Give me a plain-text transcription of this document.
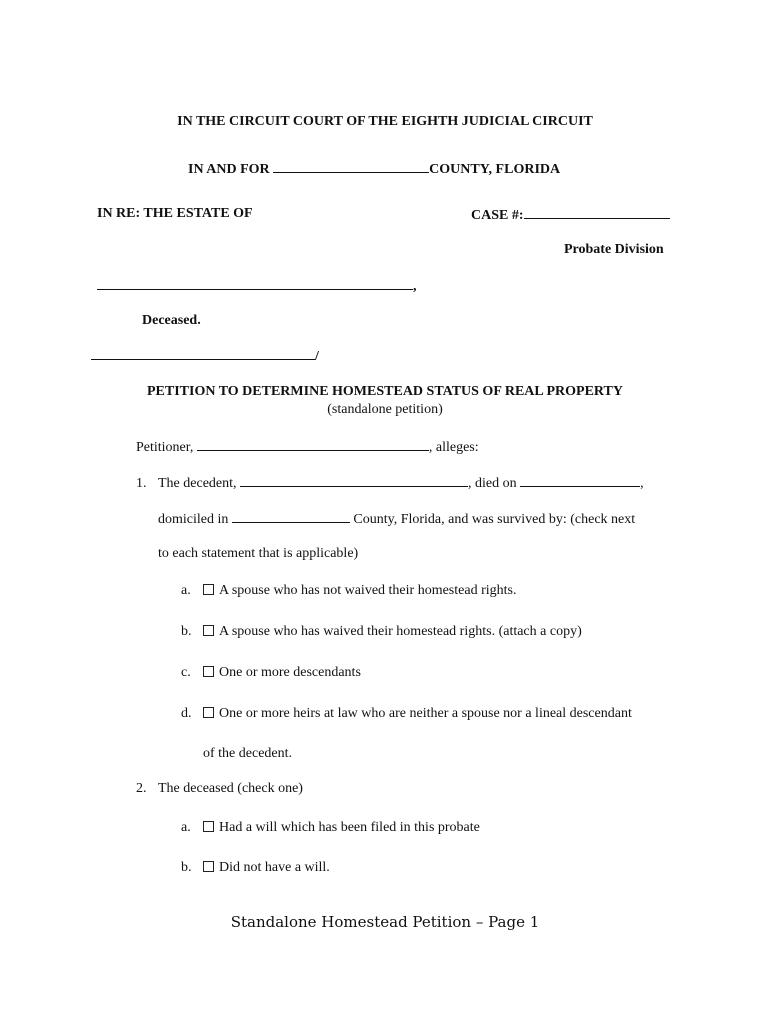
IN THE CIRCUIT COURT OF THE EIGHTH JUDICIAL CIRCUIT
IN AND FOR	COUNTY, FLORIDA
IN RE: THE ESTATE OF	CASE #:
Probate Division
,
Deceased.
/
PETITION TO DETERMINE HOMESTEAD STATUS OF REAL PROPERTY
(standalone petition)
Petitioner,	, alleges:
1. The decedent,	, died on	,
domiciled in	County, Florida, and was survived by: (check next
to each statement that is applicable)
a. A spouse who has not waived their homestead rights.
b. A spouse who has waived their homestead rights. (attach a copy)
c. One or more descendants
d. One or more heirs at law who are neither a spouse nor a lineal descendant
of the decedent.
2. The deceased (check one)
a. Had a will which has been filed in this probate
b. Did not have a will.
Standalone Homestead Petition – Page 1
